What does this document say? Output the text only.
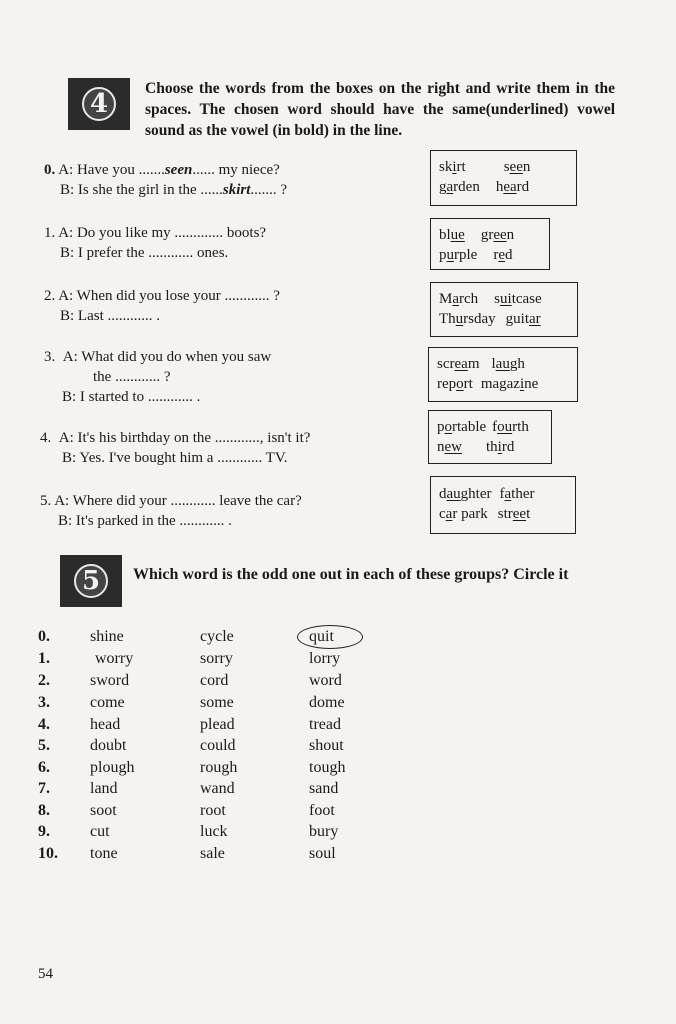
4
Choose the words from the boxes on the right and write them in the spaces. The chosen word should have the same(underlined) vowel sound as the vowel (in bold) in the line.
0. A: Have you .......seen...... my niece?
B: Is she the girl in the ......skirt....... ?
skirt	seen
garden heard
1. A: Do you like my ............. boots?
B: I prefer the ............ ones.
blue green
purple red
2. A: When did you lose your ............ ?
B: Last ............ .
March suitcase
Thursday guitar
3. A: What did you do when you saw
the ............ ?
B: I started to ............ .
scream laugh
report magazine
4. A: It's his birthday on the ............, isn't it?
B: Yes. I've bought him a ............ TV.
portable fourth
new third
5. A: Where did your ............ leave the car?
B: It's parked in the ............ .
daughter father
car park street
5	Which word is the odd one out in each of these groups? Circle it
0.	shine	cycle	quit
1.	worry	sorry	lorry
2.	sword	cord	word
3.	come	some	dome
4.	head	plead	tread
5.	doubt	could	shout
6.	plough	rough	tough
7.	land	wand	sand
8.	soot	root	foot
9.	cut	luck	bury
10. tone	sale	soul
54
